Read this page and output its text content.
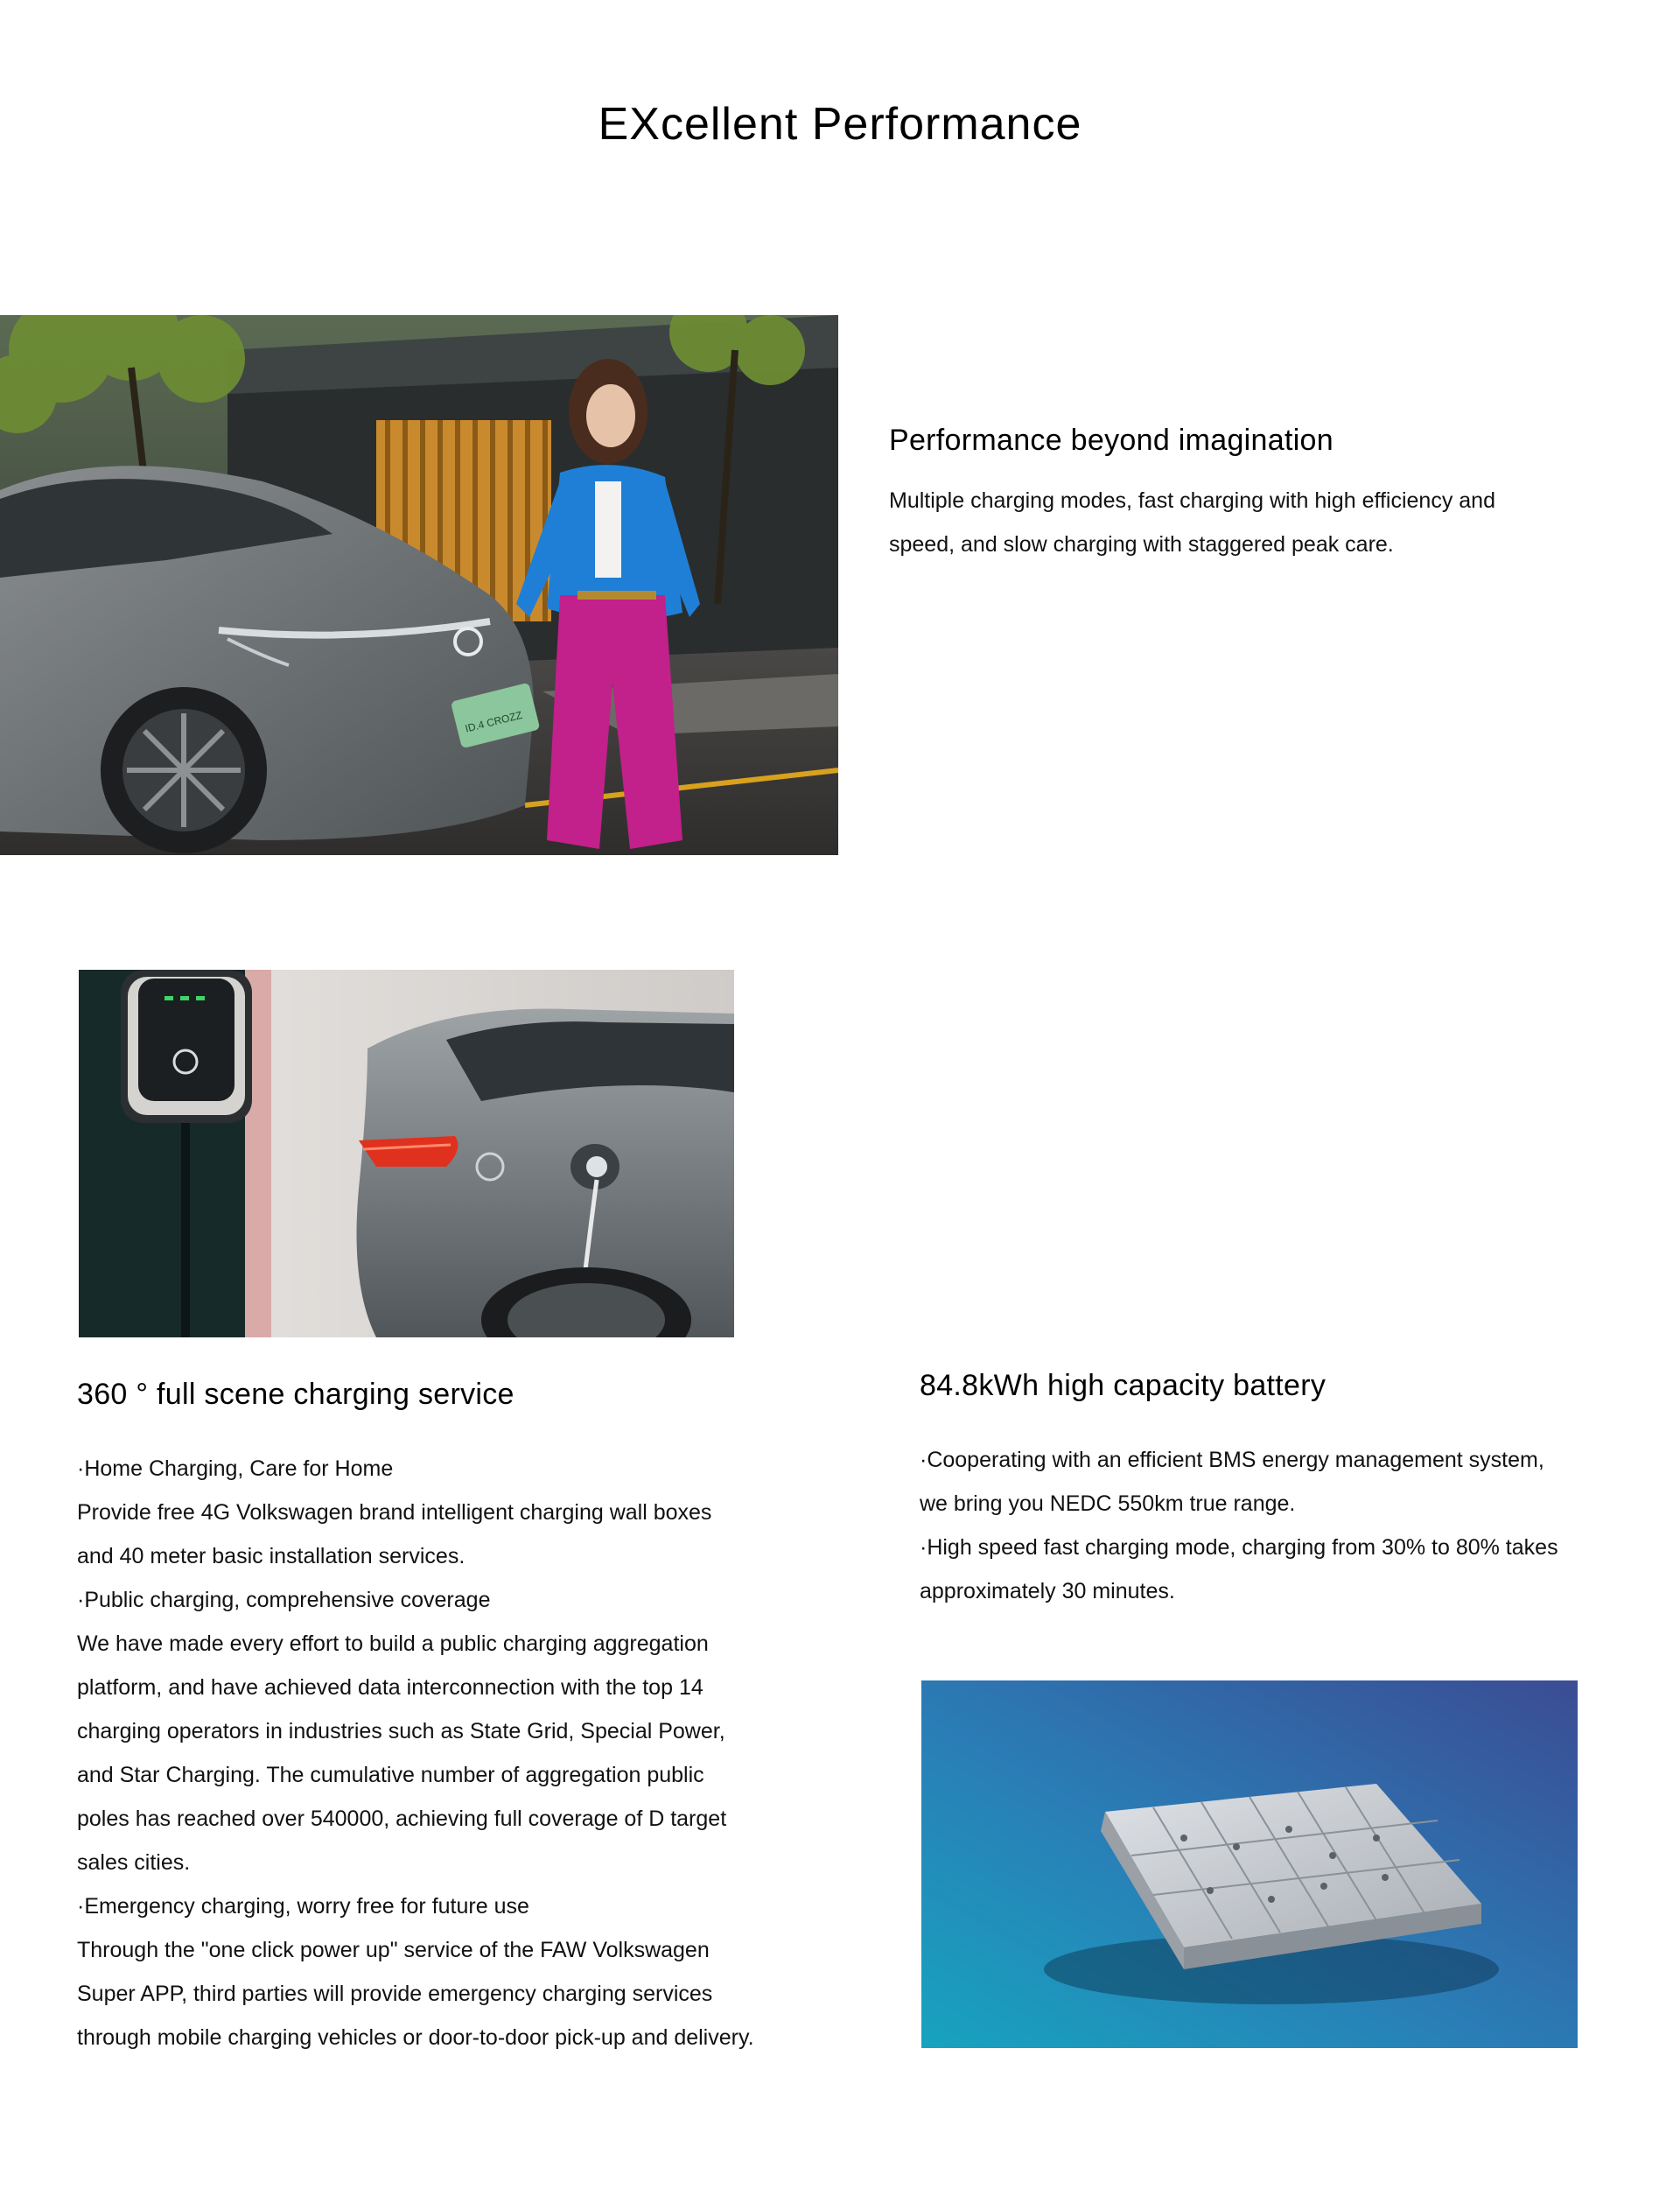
EXcellent Performance
ID.4 CROZZ
Performance beyond imagination

Multiple charging modes, fast charging with high efficiency and
speed, and slow charging with staggered peak care.

360 ° full scene charging service

·Home Charging, Care for Home
Provide free 4G Volkswagen brand intelligent charging wall boxes
and 40 meter basic installation services.
·Public charging, comprehensive coverage
We have made every effort to build a public charging aggregation
platform, and have achieved data interconnection with the top 14
charging operators in industries such as State Grid, Special Power,
and Star Charging. The cumulative number of aggregation public
poles has reached over 540000, achieving full coverage of D target
sales cities.
·Emergency charging, worry free for future use
Through the "one click power up" service of the FAW Volkswagen
Super APP, third parties will provide emergency charging services
through mobile charging vehicles or door-to-door pick-up and delivery.

84.8kWh high capacity battery

·Cooperating with an efficient BMS energy management system,
we bring you NEDC 550km true range.
·High speed fast charging mode, charging from 30% to 80% takes
approximately 30 minutes.
